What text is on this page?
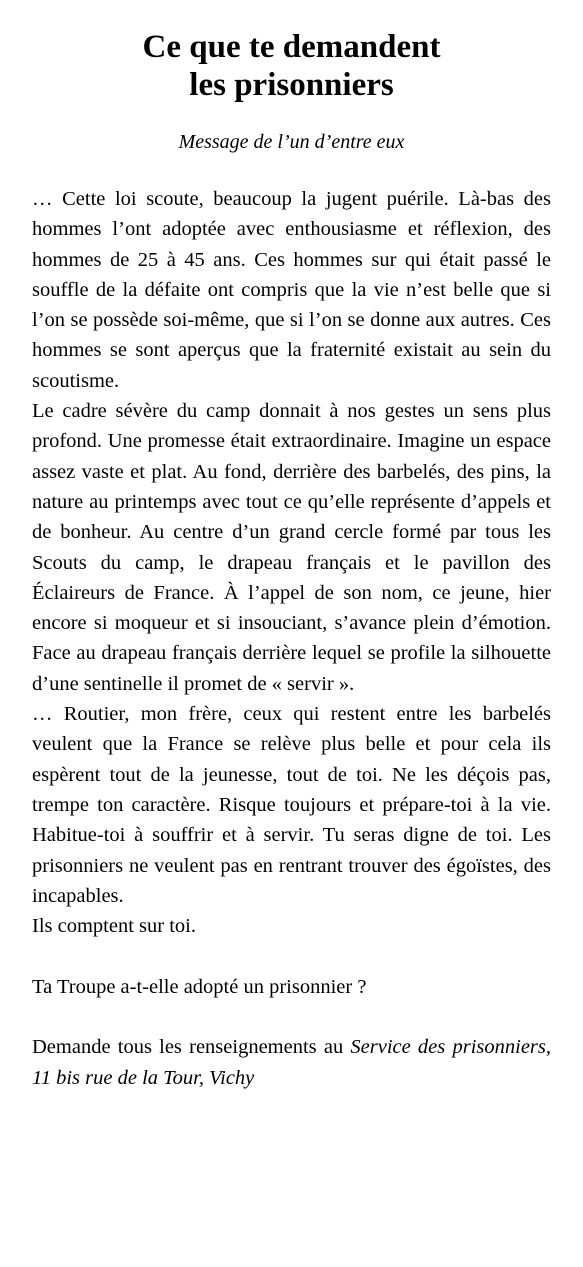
Ce que te demandent
les prisonniers
Message de l’un d’entre eux

… Cette loi scoute, beaucoup la jugent puérile. Là-bas des hommes l’ont adoptée avec enthousiasme et réflexion, des hommes de 25 à 45 ans. Ces hommes sur qui était passé le souffle de la défaite ont compris que la vie n’est belle que si l’on se possède soi-même, que si l’on se donne aux autres. Ces hommes se sont aperçus que la fraternité existait au sein du scoutisme.

Le cadre sévère du camp donnait à nos gestes un sens plus profond. Une promesse était extraordinaire. Imagine un espace assez vaste et plat. Au fond, derrière des barbelés, des pins, la nature au printemps avec tout ce qu’elle représente d’appels et de bonheur. Au centre d’un grand cercle formé par tous les Scouts du camp, le drapeau français et le pavillon des Éclaireurs de France. À l’appel de son nom, ce jeune, hier encore si moqueur et si insouciant, s’avance plein d’émotion. Face au drapeau français derrière lequel se profile la silhouette d’une sentinelle il promet de « servir ».

… Routier, mon frère, ceux qui restent entre les barbelés veulent que la France se relève plus belle et pour cela ils espèrent tout de la jeunesse, tout de toi. Ne les déçois pas, trempe ton caractère. Risque toujours et prépare-toi à la vie. Habitue-toi à souffrir et à servir. Tu seras digne de toi. Les prisonniers ne veulent pas en rentrant trouver des égoïstes, des incapables.

Ils comptent sur toi.

Ta Troupe a-t-elle adopté un prisonnier ?

Demande tous les renseignements au Service des prisonniers, 11 bis rue de la Tour, Vichy
